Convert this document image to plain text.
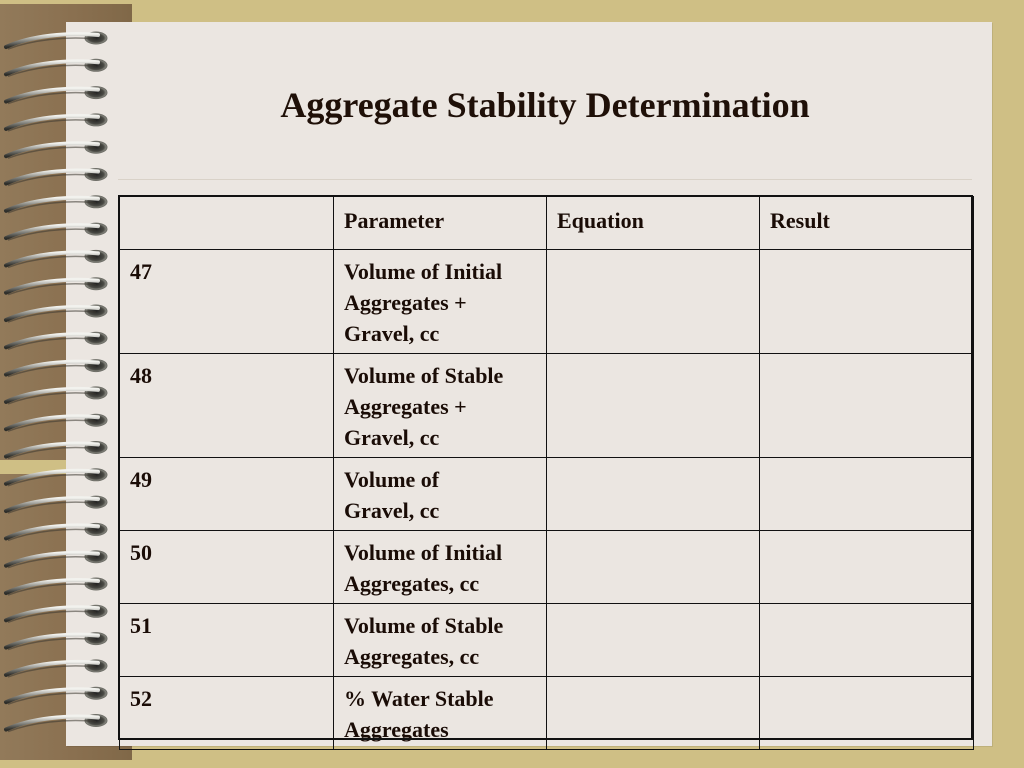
Aggregate Stability Determination
	Parameter	Equation	Result
47	Volume of Initial
Aggregates +
Gravel, cc		
48	Volume of Stable
Aggregates +
Gravel, cc		
49	Volume of
Gravel, cc		
50	Volume of Initial
Aggregates, cc		
51	Volume of Stable
Aggregates, cc		
52	% Water Stable
Aggregates		
